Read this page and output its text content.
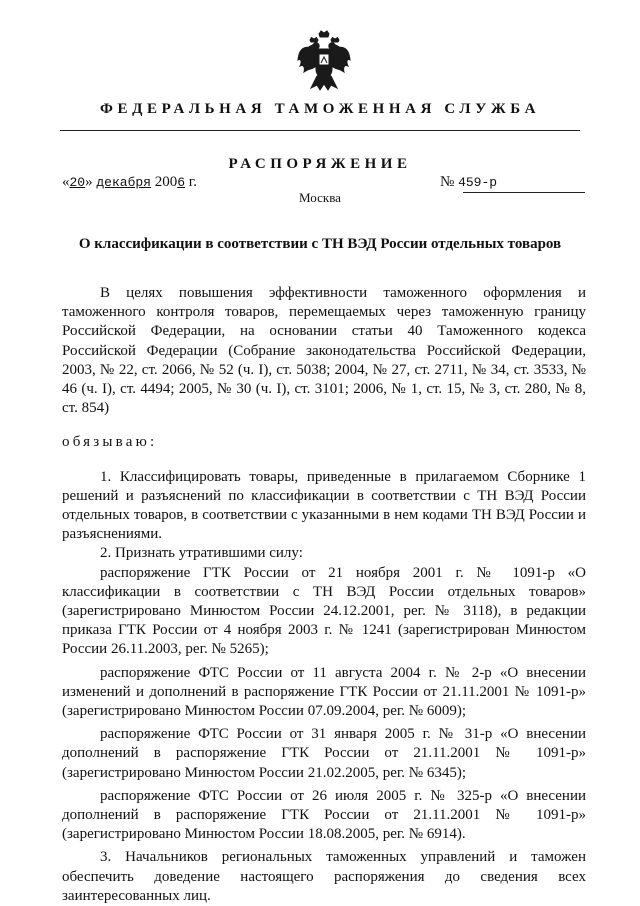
ФЕДЕРАЛЬНАЯ ТАМОЖЕННАЯ СЛУЖБА
РАСПОРЯЖЕНИЕ
«20» декабря 2006 г.	№ 459-р
Москва
О классификации в соответствии с ТН ВЭД России отдельных товаров

В целях повышения эффективности таможенного оформления и таможенного контроля товаров, перемещаемых через таможенную границу Российской Федерации, на основании статьи 40 Таможенного кодекса Российской Федерации (Собрание законодательства Российской Федерации, 2003, № 22, ст. 2066, № 52 (ч. I), ст. 5038; 2004, № 27, ст. 2711, № 34, ст. 3533, № 46 (ч. I), ст. 4494; 2005, № 30 (ч. I), ст. 3101; 2006, № 1, ст. 15, № 3, ст. 280, № 8, ст. 854)

обязываю:

1. Классифицировать товары, приведенные в прилагаемом Сборнике 1 решений и разъяснений по классификации в соответствии с ТН ВЭД России отдельных товаров, в соответствии с указанными в нем кодами ТН ВЭД России и разъяснениями.

2. Признать утратившими силу:

распоряжение ГТК России от 21 ноября 2001 г. № 1091-р «О классификации в соответствии с ТН ВЭД России отдельных товаров» (зарегистрировано Минюстом России 24.12.2001, рег. № 3118), в редакции приказа ГТК России от 4 ноября 2003 г. № 1241 (зарегистрирован Минюстом России 26.11.2003, рег. № 5265);

распоряжение ФТС России от 11 августа 2004 г. № 2-р «О внесении изменений и дополнений в распоряжение ГТК России от 21.11.2001 № 1091-р» (зарегистрировано Минюстом России 07.09.2004, рег. № 6009);

распоряжение ФТС России от 31 января 2005 г. № 31-р «О внесении дополнений в распоряжение ГТК России от 21.11.2001 № 1091-р» (зарегистрировано Минюстом России 21.02.2005, рег. № 6345);

распоряжение ФТС России от 26 июля 2005 г. № 325-р «О внесении дополнений в распоряжение ГТК России от 21.11.2001 № 1091-р» (зарегистрировано Минюстом России 18.08.2005, рег. № 6914).

3. Начальников региональных таможенных управлений и таможен обеспечить доведение настоящего распоряжения до сведения всех заинтересованных лиц.
